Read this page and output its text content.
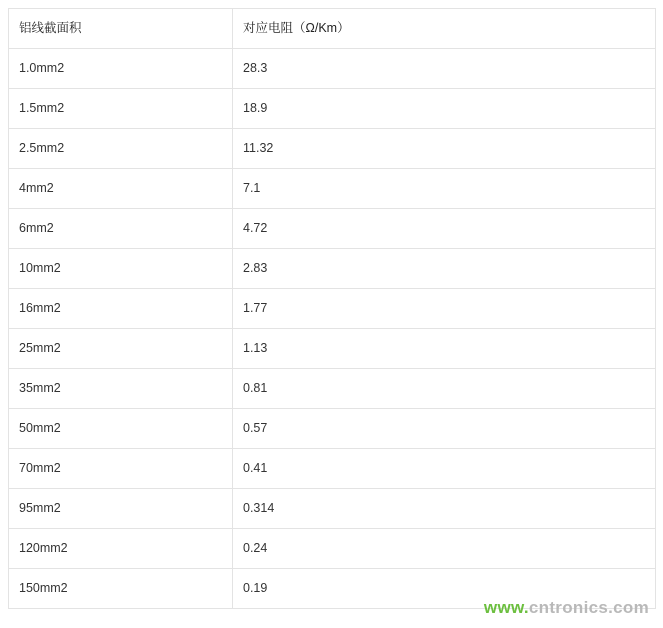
铝线截面积	对应电阻（Ω/Km）
1.0mm2	28.3
1.5mm2	18.9
2.5mm2	11.32
4mm2	7.1
6mm2	4.72
10mm2	2.83
16mm2	1.77
25mm2	1.13
35mm2	0.81
50mm2	0.57
70mm2	0.41
95mm2	0.314
120mm2	0.24
150mm2	0.19
www.cntronics.com
